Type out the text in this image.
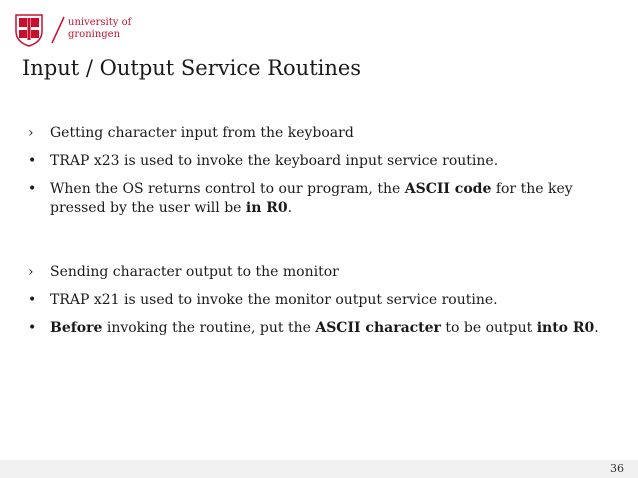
university of
groningen
Input / Output Service Routines
›	Getting character input from the keyboard
• TRAP x23 is used to invoke the keyboard input service routine.
• When the OS returns control to our program, the ASCII code for the key pressed by the user will be in R0.
›	Sending character output to the monitor
• TRAP x21 is used to invoke the monitor output service routine.
• Before invoking the routine, put the ASCII character to be output into R0.
36
